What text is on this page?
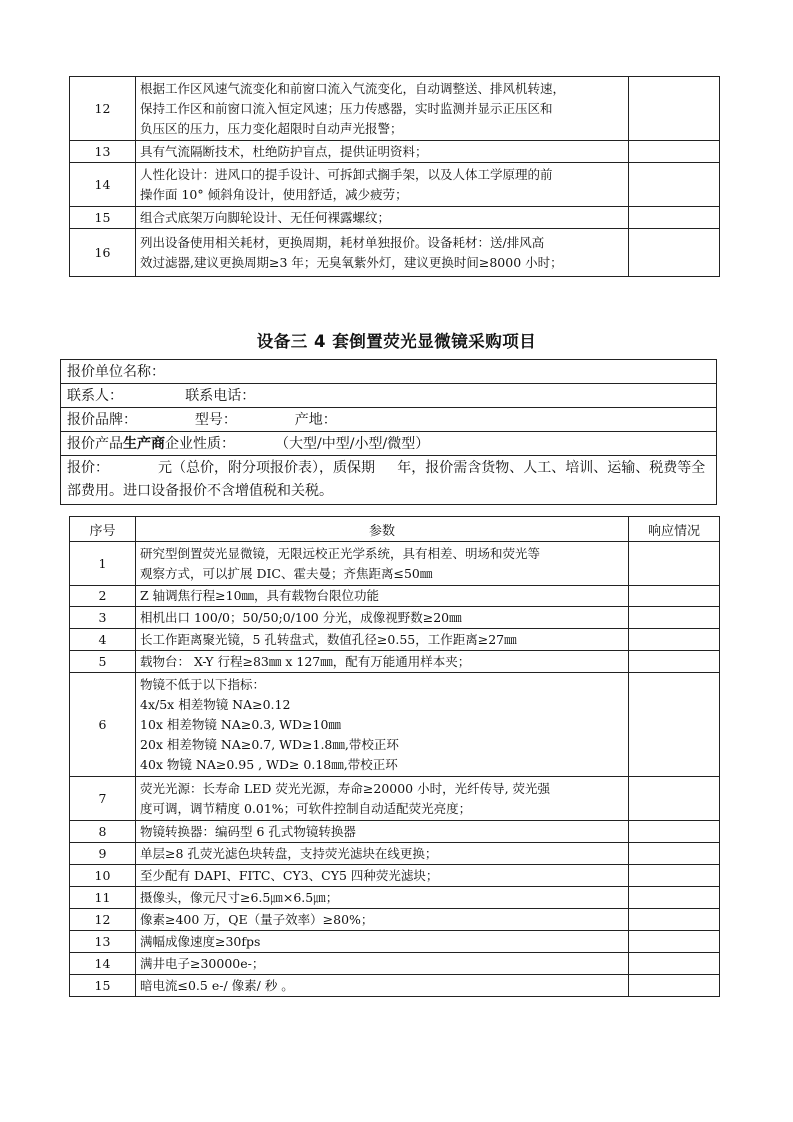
12	根据工作区风速气流变化和前窗口流入气流变化，自动调整送、排风机转速，
保持工作区和前窗口流入恒定风速；压力传感器，实时监测并显示正压区和
负压区的压力，压力变化超限时自动声光报警；	
13	具有气流隔断技术，杜绝防护盲点，提供证明资料；	
14	人性化设计：进风口的提手设计、可拆卸式搁手架，以及人体工学原理的前
操作面 10° 倾斜角设计，使用舒适，减少疲劳；	
15	组合式底架万向脚轮设计、无任何裸露螺纹；	
16	列出设备使用相关耗材，更换周期，耗材单独报价。设备耗材：送/排风高
效过滤器,建议更换周期≥3 年；无臭氧紫外灯，建议更换时间≥8000 小时；	
设备三 4 套倒置荧光显微镜采购项目
报价单位名称：
联系人：              联系电话：
报价品牌：             型号：             产地：
报价产品生产商企业性质：         （大型/中型/小型/微型）
报价：           元（总价，附分项报价表），质保期     年，报价需含货物、人工、培训、运输、税费等全部费用。进口设备报价不含增值税和关税。
序号	参数	响应情况
1	研究型倒置荧光显微镜，无限远校正光学系统，具有相差、明场和荧光等
观察方式，可以扩展 DIC、霍夫曼；齐焦距离≤50㎜	
2	Z 轴调焦行程≥10㎜，具有载物台限位功能	
3	相机出口 100/0；50/50;0/100 分光，成像视野数≥20㎜	
4	长工作距离聚光镜，5 孔转盘式，数值孔径≥0.55，工作距离≥27㎜	
5	载物台： X-Y 行程≥83㎜ x 127㎜，配有万能通用样本夹；	
6	物镜不低于以下指标：
4x/5x 相差物镜 NA≥0.12
10x 相差物镜 NA≥0.3, WD≥10㎜
20x 相差物镜 NA≥0.7, WD≥1.8㎜,带校正环
40x 物镜 NA≥0.95 , WD≥ 0.18㎜,带校正环	
7	荧光光源：长寿命 LED 荧光光源，寿命≥20000 小时，光纤传导, 荧光强
度可调，调节精度 0.01%；可软件控制自动适配荧光亮度；	
8	物镜转换器：编码型 6 孔式物镜转换器	
9	单层≥8 孔荧光滤色块转盘，支持荧光滤块在线更换；	
10	至少配有 DAPI、FITC、CY3、CY5 四种荧光滤块；	
11	摄像头，像元尺寸≥6.5㎛×6.5㎛；	
12	像素≥400 万，QE（量子效率）≥80%；	
13	满幅成像速度≥30fps	
14	满井电子≥30000e-；	
15	暗电流≤0.5 e-/ 像素/ 秒 。	
